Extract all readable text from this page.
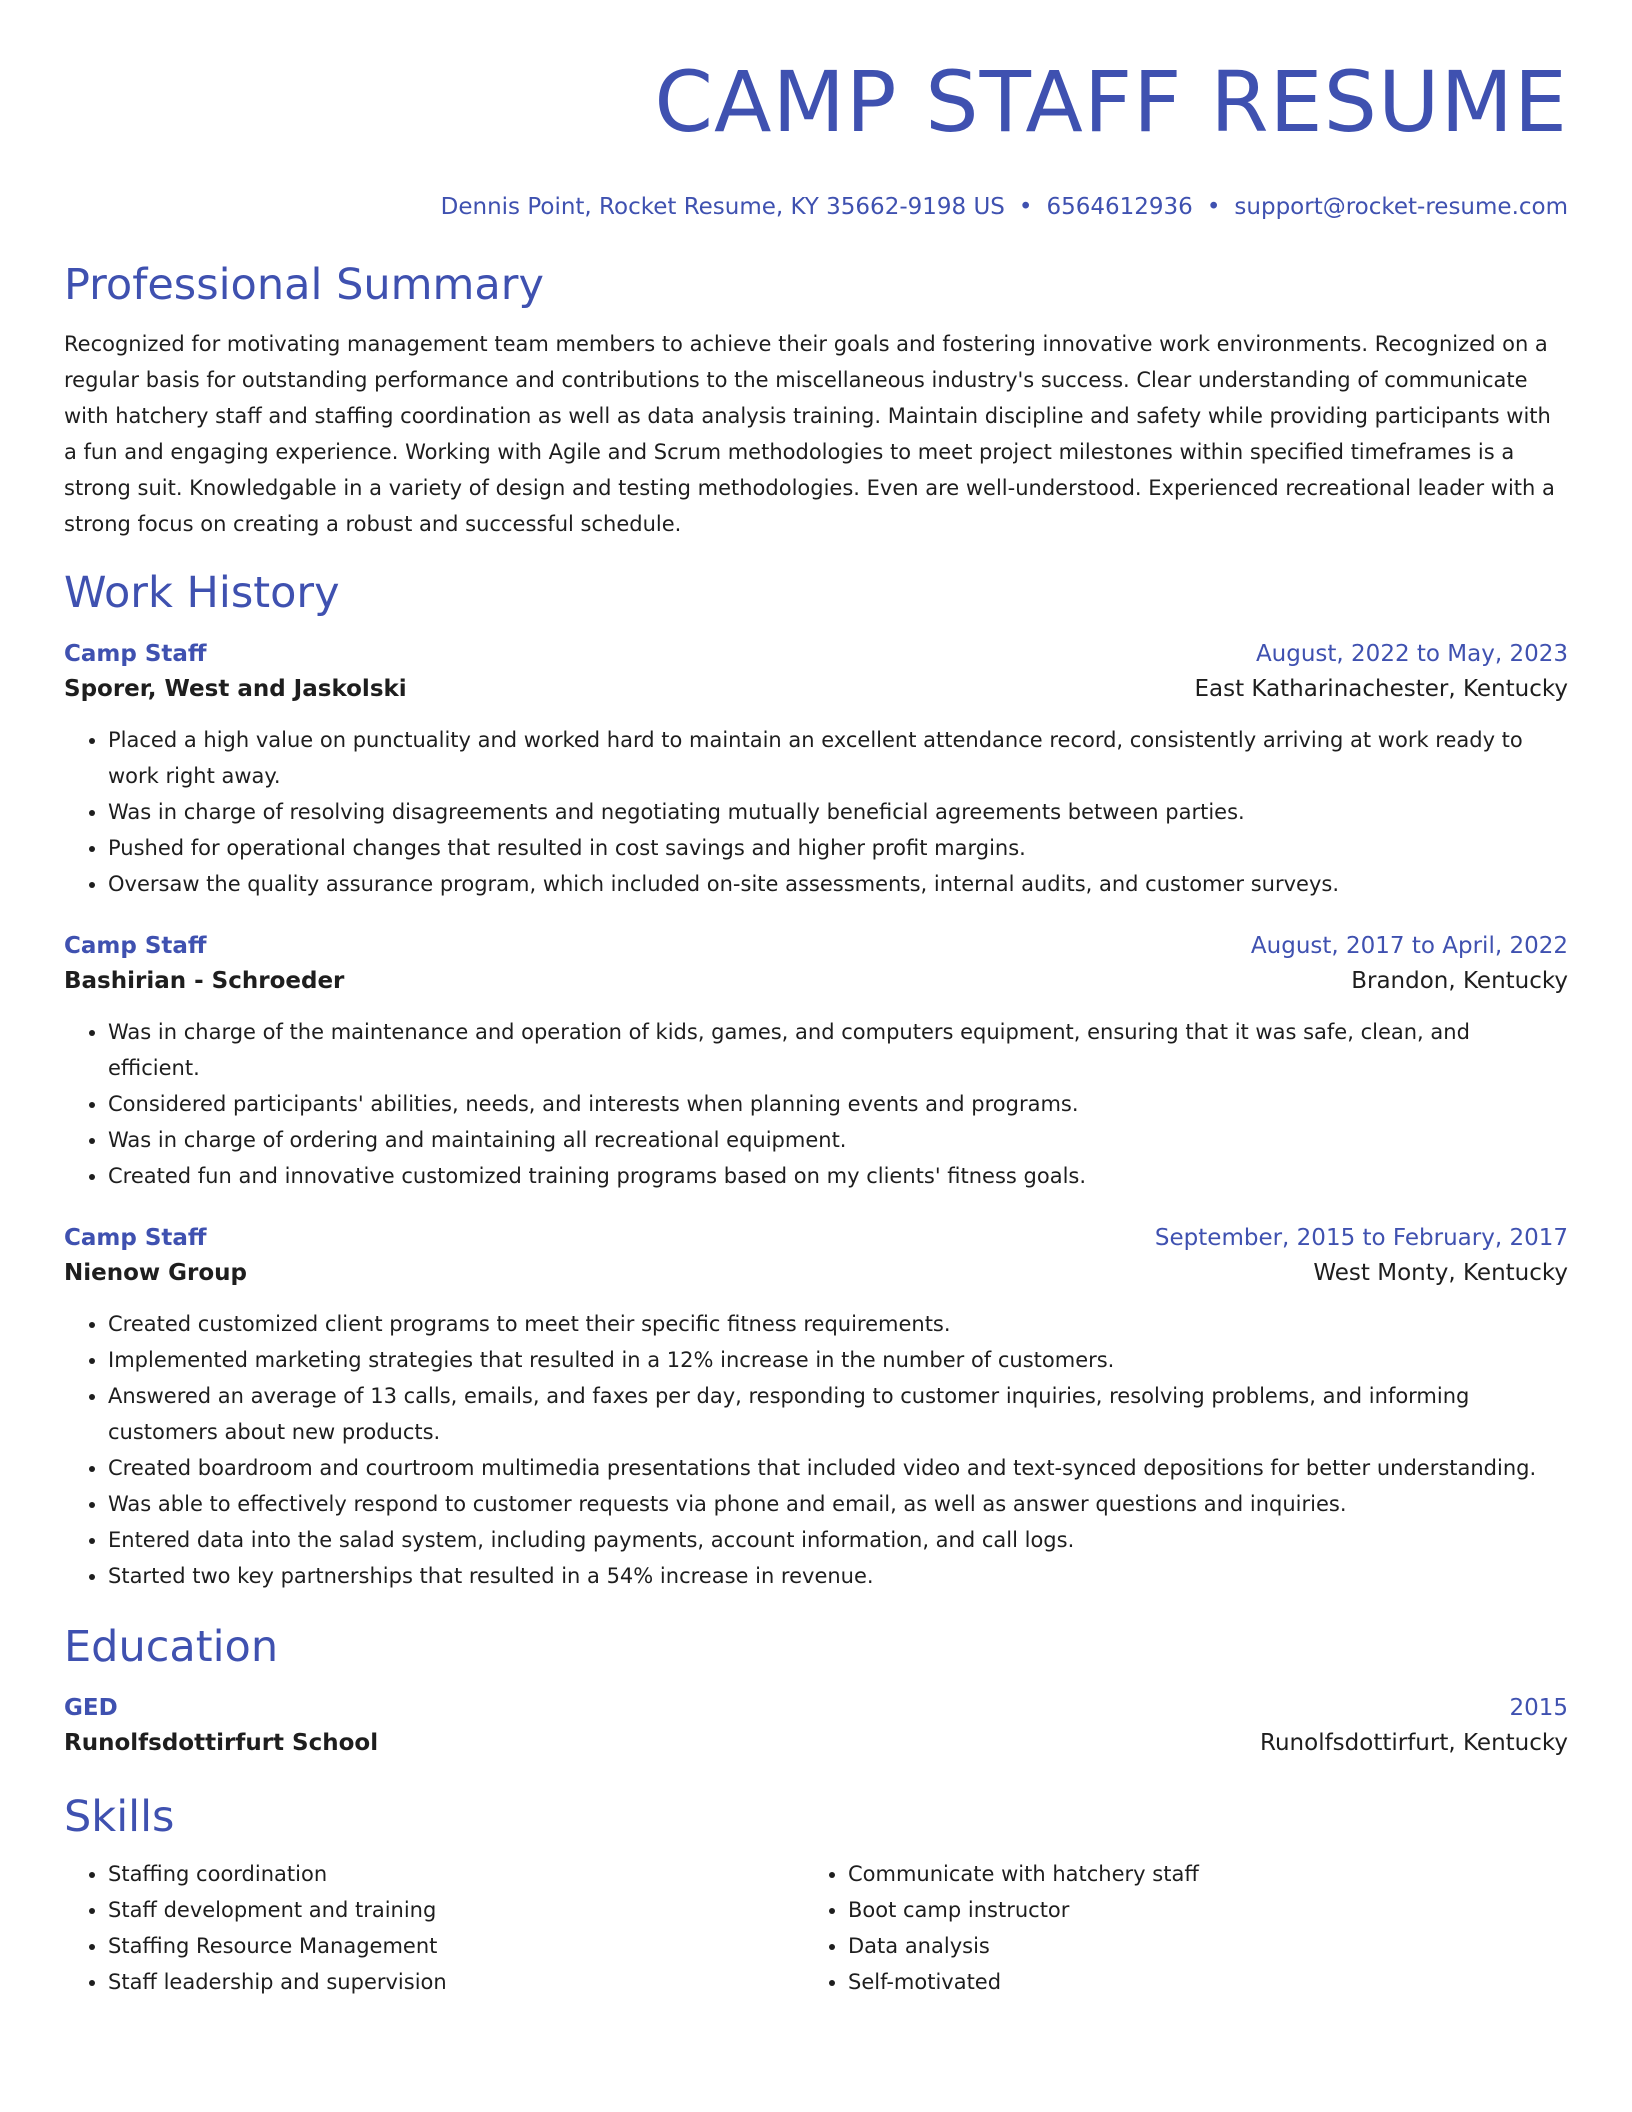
CAMP STAFF RESUME
Dennis Point, Rocket Resume, KY 35662-9198 US • 6564612936 • support@rocket-resume.com
Professional Summary

Recognized for motivating management team members to achieve their goals and fostering innovative work environments. Recognized on a regular basis for outstanding performance and contributions to the miscellaneous industry's success. Clear understanding of communicate with hatchery staff and staffing coordination as well as data analysis training. Maintain discipline and safety while providing participants with a fun and engaging experience. Working with Agile and Scrum methodologies to meet project milestones within specified timeframes is a strong suit. Knowledgable in a variety of design and testing methodologies. Even are well-understood. Experienced recreational leader with a strong focus on creating a robust and successful schedule.

Work History
Camp Staff	August, 2022 to May, 2023
Sporer, West and Jaskolski	East Katharinachester, Kentucky
• Placed a high value on punctuality and worked hard to maintain an excellent attendance record, consistently arriving at work ready to work right away.
• Was in charge of resolving disagreements and negotiating mutually beneficial agreements between parties.
• Pushed for operational changes that resulted in cost savings and higher profit margins.
• Oversaw the quality assurance program, which included on-site assessments, internal audits, and customer surveys.
Camp Staff	August, 2017 to April, 2022
Bashirian - Schroeder	Brandon, Kentucky
• Was in charge of the maintenance and operation of kids, games, and computers equipment, ensuring that it was safe, clean, and efficient.
• Considered participants' abilities, needs, and interests when planning events and programs.
• Was in charge of ordering and maintaining all recreational equipment.
• Created fun and innovative customized training programs based on my clients' fitness goals.
Camp Staff	September, 2015 to February, 2017
Nienow Group	West Monty, Kentucky
• Created customized client programs to meet their specific fitness requirements.
• Implemented marketing strategies that resulted in a 12% increase in the number of customers.
• Answered an average of 13 calls, emails, and faxes per day, responding to customer inquiries, resolving problems, and informing customers about new products.
• Created boardroom and courtroom multimedia presentations that included video and text-synced depositions for better understanding.
• Was able to effectively respond to customer requests via phone and email, as well as answer questions and inquiries.
• Entered data into the salad system, including payments, account information, and call logs.
• Started two key partnerships that resulted in a 54% increase in revenue.
Education
GED	2015
Runolfsdottirfurt School	Runolfsdottirfurt, Kentucky
Skills
• Staffing coordination
• Staff development and training
• Staffing Resource Management
• Staff leadership and supervision
• Communicate with hatchery staff
• Boot camp instructor
• Data analysis
• Self-motivated
